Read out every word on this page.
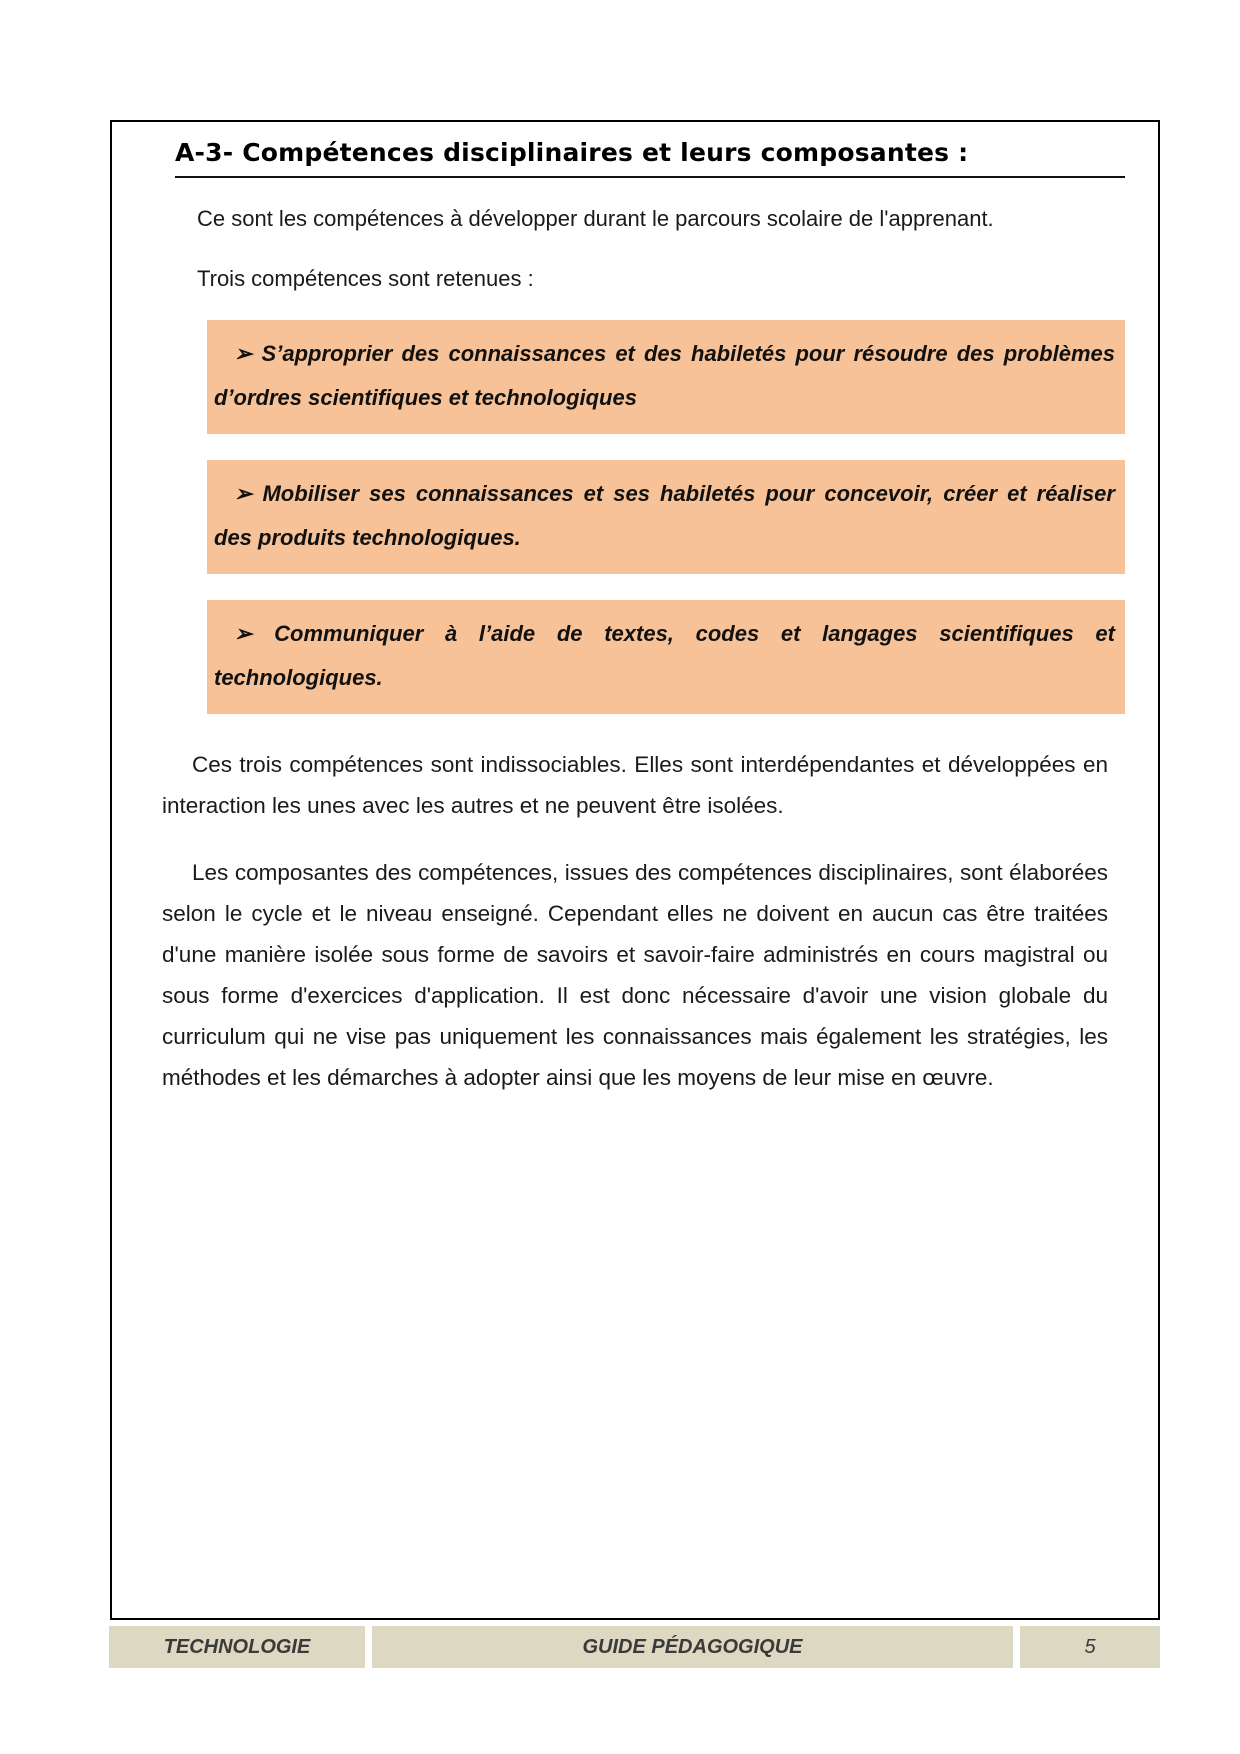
A-3- Compétences disciplinaires et leurs composantes :

Ce sont les compétences à développer durant le parcours scolaire de l'apprenant.

Trois compétences sont retenues :

➢ S’approprier des connaissances et des habiletés pour résoudre des problèmes d’ordres scientifiques et technologiques
➢ Mobiliser ses connaissances et ses habiletés pour concevoir, créer et réaliser des produits technologiques.
➢ Communiquer à l’aide de textes, codes et langages scientifiques et technologiques.

Ces trois compétences sont indissociables. Elles sont interdépendantes et développées en interaction les unes avec les autres et ne peuvent être isolées.

Les composantes des compétences, issues des compétences disciplinaires, sont élaborées selon le cycle et le niveau enseigné. Cependant elles ne doivent en aucun cas être traitées d'une manière isolée sous forme de savoirs et savoir-faire administrés en cours magistral ou sous forme d'exercices d'application. Il est donc nécessaire d'avoir une vision globale du curriculum qui ne vise pas uniquement les connaissances mais également les stratégies, les méthodes et les démarches à adopter ainsi que les moyens de leur mise en œuvre.

TECHNOLOGIE	GUIDE PÉDAGOGIQUE	5
